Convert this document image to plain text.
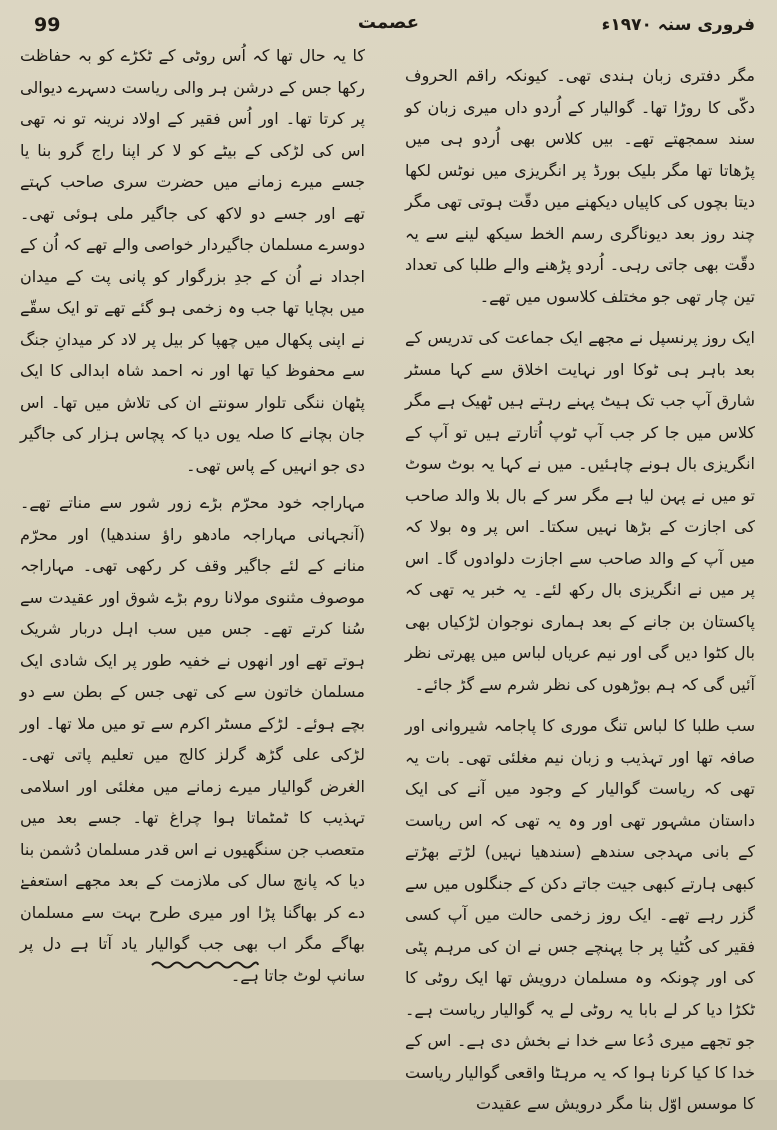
99	عصمت	فروری سنہ ۱۹۷۰ء

مگر دفتری زبان ہندی تھی۔ کیونکہ راقم الحروف دکّی کا روڑا تھا۔ گوالیار کے اُردو داں میری زبان کو سند سمجھتے تھے۔ بیں کلاس بھی اُردو ہی میں پڑھاتا تھا مگر بلیک بورڈ پر انگریزی میں نوٹس لکھا دیتا بچوں کی کاپیاں دیکھنے میں دقّت ہوتی تھی مگر چند روز بعد دیوناگری رسم الخط سیکھ لینے سے یہ دقّت بھی جاتی رہی۔ اُردو پڑھنے والے طلبا کی تعداد تین چار تھی جو مختلف کلاسوں میں تھے۔

ایک روز پرنسپل نے مجھے ایک جماعت کی تدریس کے بعد باہر ہی ٹوکا اور نہایت اخلاق سے کہا مسٹر شارق آپ جب تک ہیٹ پہنے رہتے ہیں ٹھیک ہے مگر کلاس میں جا کر جب آپ ٹوپ اُتارتے ہیں تو آپ کے انگریزی بال ہونے چاہئیں۔ میں نے کہا یہ بوٹ سوٹ تو میں نے پہن لیا ہے مگر سر کے بال بلا والد صاحب کی اجازت کے بڑھا نہیں سکتا۔ اس پر وہ بولا کہ میں آپ کے والد صاحب سے اجازت دلوادوں گا۔ اس پر میں نے انگریزی بال رکھ لئے۔ یہ خبر یہ تھی کہ پاکستان بن جانے کے بعد ہماری نوجوان لڑکیاں بھی بال کٹوا دیں گی اور نیم عریاں لباس میں پھرتی نظر آئیں گی کہ ہم بوڑھوں کی نظر شرم سے گڑ جائے۔

سب طلبا کا لباس تنگ موری کا پاجامہ شیروانی اور صافہ تھا اور تہذیب و زبان نیم مغلئی تھی۔ بات یہ تھی کہ ریاست گوالیار کے وجود میں آنے کی ایک داستان مشہور تھی اور وہ یہ تھی کہ اس ریاست کے بانی مہدجی سندھے (سندھیا نہیں) لڑتے بھڑتے کبھی ہارتے کبھی جیت جاتے دکن کے جنگلوں میں سے گزر رہے تھے۔ ایک روز زخمی حالت میں آپ کسی فقیر کی کُٹیا پر جا پہنچے جس نے ان کی مرہم پٹی کی اور چونکہ وہ مسلمان درویش تھا ایک روٹی کا ٹکڑا دیا کر لے بابا یہ روٹی لے یہ گوالیار ریاست ہے۔ جو تجھے میری دُعا سے خدا نے بخش دی ہے۔ اس کے خدا کا کیا کرنا ہوا کہ یہ مرہٹا واقعی گوالیار ریاست کا موسس اوّل بنا مگر درویش سے عقیدت

کا یہ حال تھا کہ اُس روٹی کے ٹکڑے کو بہ حفاظت رکھا جس کے درشن ہر والی ریاست دسہرے دیوالی پر کرتا تھا۔ اور اُس فقیر کے اولاد نرینہ تو نہ تھی اس کی لڑکی کے بیٹے کو لا کر اپنا راج گرو بنا یا جسے میرے زمانے میں حضرت سری صاحب کہتے تھے اور جسے دو لاکھ کی جاگیر ملی ہوئی تھی۔ دوسرے مسلمان جاگیردار خواصی والے تھے کہ اُن کے اجداد نے اُن کے جدِ بزرگوار کو پانی پت کے میدان میں بچایا تھا جب وہ زخمی ہو گئے تھے تو ایک سقّے نے اپنی پکھال میں چھپا کر بیل پر لاد کر میدانِ جنگ سے محفوظ کیا تھا اور نہ احمد شاہ ابدالی کا ایک پٹھان ننگی تلوار سونتے ان کی تلاش میں تھا۔ اس جان بچانے کا صلہ یوں دیا کہ پچاس ہزار کی جاگیر دی جو انہیں کے پاس تھی۔

مہاراجہ خود محرّم بڑے زور شور سے مناتے تھے۔ (آنجہانی مہاراجہ مادھو راؤ سندھیا) اور محرّم منانے کے لئے جاگیر وقف کر رکھی تھی۔ مہاراجہ موصوف مثنوی مولانا روم بڑے شوق اور عقیدت سے سُنا کرتے تھے۔ جس میں سب اہل دربار شریک ہوتے تھے اور انھوں نے خفیہ طور پر ایک شادی ایک مسلمان خاتون سے کی تھی جس کے بطن سے دو بچے ہوئے۔ لڑکے مسٹر اکرم سے تو میں ملا تھا۔ اور لڑکی علی گڑھ گرلز کالج میں تعلیم پاتی تھی۔ الغرض گوالیار میرے زمانے میں مغلئی اور اسلامی تہذیب کا ٹمٹماتا ہوا چراغ تھا۔ جسے بعد میں متعصب جن سنگھیوں نے اس قدر مسلمان دُشمن بنا دیا کہ پانچ سال کی ملازمت کے بعد مجھے استعفےٰ دے کر بھاگنا پڑا اور میری طرح بہت سے مسلمان بھاگے مگر اب بھی جب گوالیار یاد آتا ہے دل پر سانپ لوٹ جاتا ہے۔
